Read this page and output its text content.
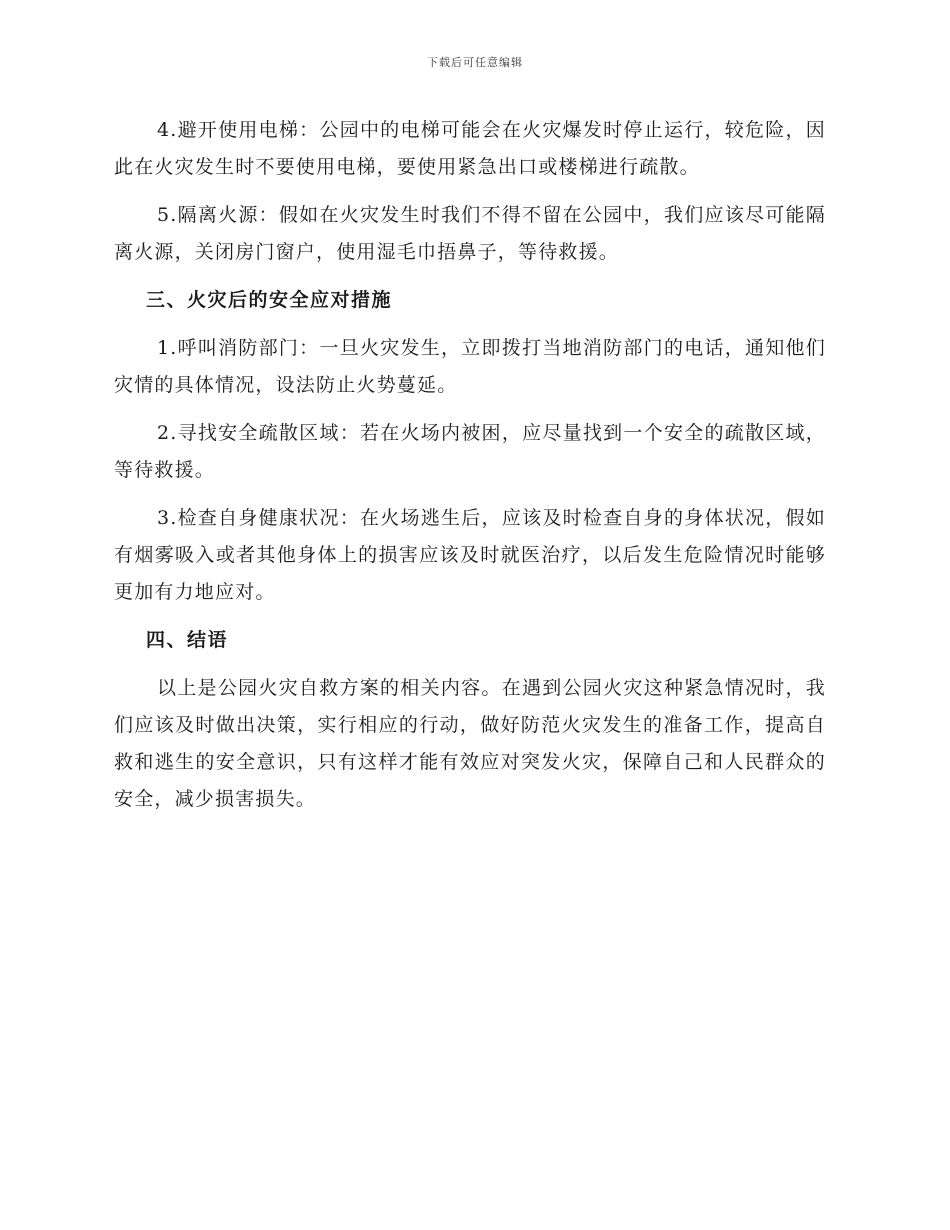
下载后可任意编辑

4.避开使用电梯：公园中的电梯可能会在火灾爆发时停止运行，较危险，因此在火灾发生时不要使用电梯，要使用紧急出口或楼梯进行疏散。

5.隔离火源：假如在火灾发生时我们不得不留在公园中，我们应该尽可能隔离火源，关闭房门窗户，使用湿毛巾捂鼻子，等待救援。

三、火灾后的安全应对措施

1.呼叫消防部门：一旦火灾发生，立即拨打当地消防部门的电话，通知他们灾情的具体情况，设法防止火势蔓延。

2.寻找安全疏散区域：若在火场内被困，应尽量找到一个安全的疏散区域，等待救援。

3.检查自身健康状况：在火场逃生后，应该及时检查自身的身体状况，假如有烟雾吸入或者其他身体上的损害应该及时就医治疗，以后发生危险情况时能够更加有力地应对。

四、结语

以上是公园火灾自救方案的相关内容。在遇到公园火灾这种紧急情况时，我们应该及时做出决策，实行相应的行动，做好防范火灾发生的准备工作，提高自救和逃生的安全意识，只有这样才能有效应对突发火灾，保障自己和人民群众的安全，减少损害损失。
